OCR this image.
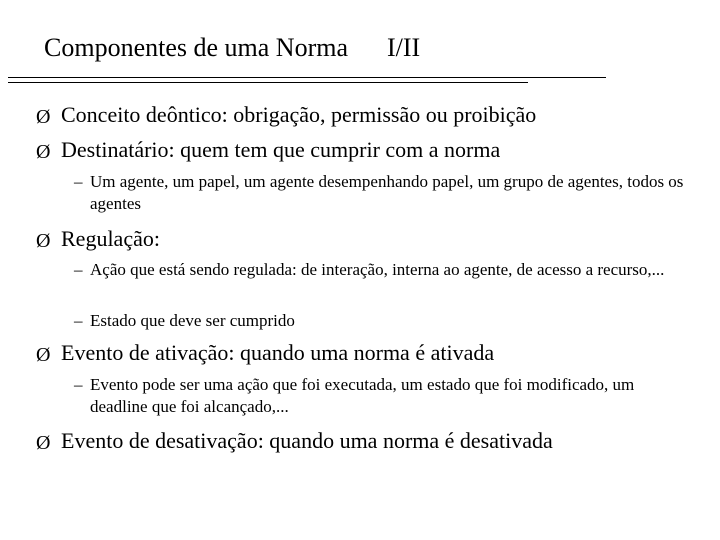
Componentes de uma Norma      I/II
Ø Conceito deôntico: obrigação, permissão ou proibição
Ø Destinatário: quem tem que cumprir com a norma
– Um agente, um papel, um agente desempenhando papel, um grupo de agentes, todos os agentes
Ø Regulação:
– Ação que está sendo regulada: de interação, interna ao agente, de acesso a recurso,...
– Estado que deve ser cumprido
Ø Evento de ativação: quando uma norma é ativada
– Evento pode ser uma ação que foi executada, um estado que foi modificado, um deadline que foi alcançado,...
Ø Evento de desativação: quando uma norma é desativada
